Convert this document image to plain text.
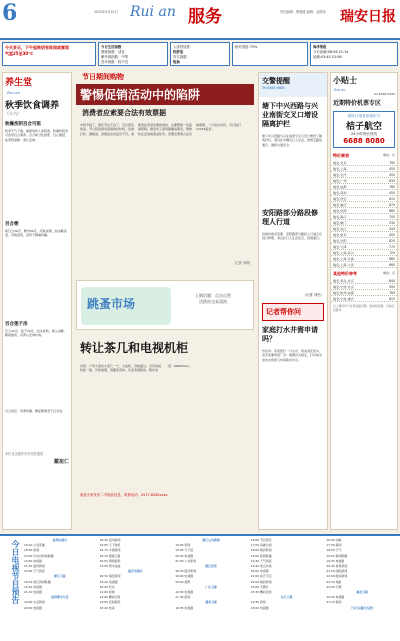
6	2010年9月22日 Rui an 服务	责任编辑：曹晓健 编辑：金德伟 瑞安日报
今天多云，下午起转阴有阵雨或雷雨
气温25至30℃
今日生活指数
晨练指数：适宜
紫外线指数：中等
洗车指数：较不宜
人体舒适度：
较舒适
穿衣指数：
短袖
相对湿度:75%	海洋预报
今日高潮:08:56 21:14
低潮:03:45 15:56
养生堂
Rui an
秋季饮食调养
（十六）
秋燥伤阴百合可医
秋季天气干燥，燥邪易伤人体阴液，秋燥伤阴者可选用百合调养。百合味甘性微寒，归心肺经，能养阴润肺、清心安神。
百合粥
取百合30克、粳米60克，同煮成粥，加冰糖适量，早晚食用，适用于肺燥咳嗽。
百合莲子汤
百合30克、莲子30克，加水煮熟，调入冰糖，睡前服用，有养心安神功效。
百合虽好，风寒咳嗽、脾虚便溏者不宜多食。
本栏目由瑞安市中医院提供
戴祖仁
节日期间购物
警惕促销活动中的陷阱
消费者应索要合法有效票据
中秋节到了，国庆节也不远了。可以预见的是，节日将是商家促销的好时机，各类打折、满就送、返现金活动层出不穷。消费者在享受优惠的同时，也要警惕一些促销陷阱。瑞安市工商局提醒消费者，购物时注意查看商品标价，索要发票等合法有效票据，一旦发生纠纷，可以拨打12315投诉。
记者 刘明
跳蚤市场
上期话题：点击自然
活跃的交易氛围
转让茶几和电视机柜
出售：广州大荔实木茶几一个，九成新，价格面议。另有电视机柜一组，外形美观，因搬家急转。有意者请联系。联系电话：66623xxx。
欢迎大家发布二手物品信息，联系电话：0577-6582xxxx
交警提醒
Tel:6688 6688
塘下中兴西路与兴业南街交叉口增设隔离护栏
塘下中兴西路与兴业南街交叉口近日增设了隔离护栏，请过往车辆及行人注意，按规定路线通行，确保交通安全。
安阳路部分路段修理人行道
因城市建设需要，安阳路部分路段人行道正在进行修理，请过往行人注意安全，绕道通行。
（记者 刘杰）
记者帮你问
家庭打水井需申请吗？
市民问：家里想打一口水井，用来浇花洗车，是否需要审批？答：根据有关规定，打井取水需向水利部门申请取水许可。
小贴士
Rui an
Tel:6688 6688
近期特价机票专区
瑞安日报复印版东方
桔子航空
24小时特价热线
6688 8080
特价票表	单位：元
瑞安-北京	790
瑞安-上海	450
瑞安-长沙	450
瑞安-广州	630
瑞安-成都	780
瑞安-深圳	450
瑞安-西安	610
瑞安-重庆	870
瑞安-昆明	880
瑞安-海口	700
瑞安-厦门	530
瑞安-武汉	440
瑞安-南京	450
瑞安-沈阳	820
瑞安-天津	770
瑞安-上海-武汉	720
瑞安-上海-长春	880
瑞安-上海-大连	660
其他特价参考	单位：元
瑞安-青岛-北京	640
瑞安-宁波-北京	590
瑞安-杭州-成都	780
瑞安-宁波-重庆	810
以上票价均不含机场建设费、燃油附加费，价格仅供参考
今日电视节目预告	温州电视台
16:10 小说连播
18:00 新闻
19:00 中央台新闻联播
19:40 电视剧
21:30 温州新闻
22:00 天气预报
浙江卫视
18:30 浙江新闻联播
19:30 电视剧
21:10 电视剧
温州都市生活
19:00 生活新闻
20:00 电视剧
18:30 温州新闻
19:05 天下财经
19:15 中国新闻
19:30 健康之路
20:00 情感剧场
21:00 周末金曲
瑞安电视台
18:50 瑞安新闻
19:20 电视剧
20:20 纪实
21:00 新闻
22:00 精彩回放
23:00 夜间剧场
23:40 结束
浙江公共新闻
19:00 新闻
19:30 天天说
20:00 电视剧
21:00 公共新闻
浙江经济
18:30 经济新闻
19:00 电视剧
20:00 视野
广东卫视
19:30 电视剧
21:30 新闻
湖南卫视
19:35 电视剧
16:00 节目预告
17:00 动画乐园
18:00 晚间新闻
19:00 新闻联播
19:30 天气预报
19:40 焦点访谈
20:00 电视剧
21:00 综艺节目
22:00 晚间新闻
23:00 专题片
23:30 精彩回放
东方卫视
19:30 新闻
20:00 电视剧
16:00 动画
17:30 新闻
18:20 天气
19:00 新闻联播
19:35 电视剧
20:40 体育新闻
21:20 国际新闻
22:00 晚间新闻
22:30 电影
23:20 专题
湖北卫视
19:35 电视剧
21:10 新闻
（节目以播出为准）
